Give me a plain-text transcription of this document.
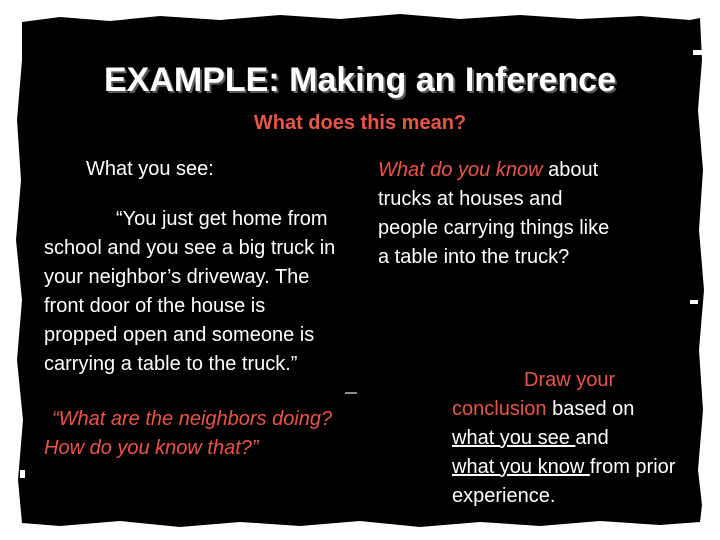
EXAMPLE: Making an Inference
What does this mean?
What you see:
“You just get home from school and you see a big truck in your neighbor’s driveway. The front door of the house is propped open and someone is carrying a table to the truck.”
“What are the neighbors doing? How do you know that?”
What do you know about trucks at houses and people carrying things like a table into the truck?
Draw your
conclusion based on
what you see and
what you know from prior experience.
